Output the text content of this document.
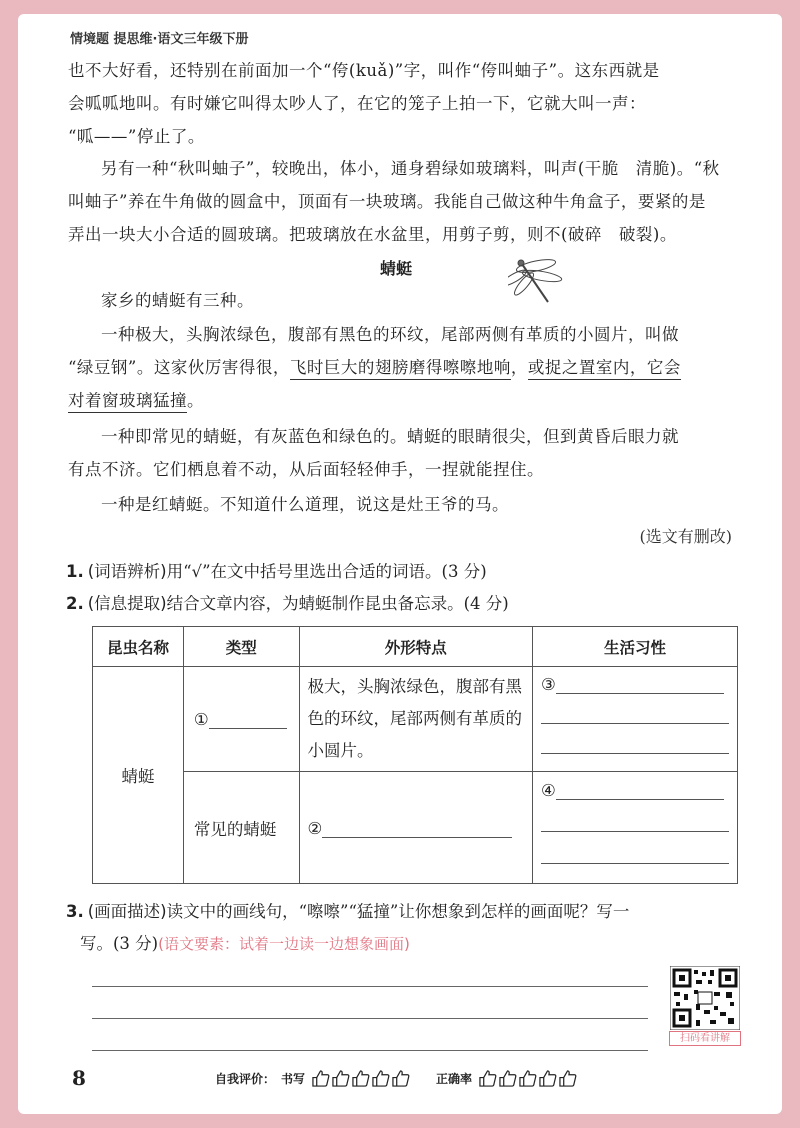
情境题 提思维·语文三年级下册
也不大好看，还特别在前面加一个“侉(kuǎ)”字，叫作“侉叫蚰子”。这东西就是
会呱呱地叫。有时嫌它叫得太吵人了，在它的笼子上拍一下，它就大叫一声：
“呱——”停止了。
另有一种“秋叫蚰子”，较晚出，体小，通身碧绿如玻璃料，叫声(干脆　清脆)。“秋
叫蚰子”养在牛角做的圆盒中，顶面有一块玻璃。我能自己做这种牛角盒子，要紧的是
弄出一块大小合适的圆玻璃。把玻璃放在水盆里，用剪子剪，则不(破碎　破裂)。
蜻蜓
家乡的蜻蜓有三种。
一种极大，头胸浓绿色，腹部有黑色的环纹，尾部两侧有革质的小圆片，叫做
“绿豆钢”。这家伙厉害得很，飞时巨大的翅膀磨得嚓嚓地响，或捉之置室内，它会
对着窗玻璃猛撞。
一种即常见的蜻蜓，有灰蓝色和绿色的。蜻蜓的眼睛很尖，但到黄昏后眼力就
有点不济。它们栖息着不动，从后面轻轻伸手，一捏就能捏住。
一种是红蜻蜓。不知道什么道理，说这是灶王爷的马。
(选文有删改)
1. (词语辨析)用“√”在文中括号里选出合适的词语。(3 分)
2. (信息提取)结合文章内容，为蜻蜓制作昆虫备忘录。(4 分)
昆虫名称	类型	外形特点	生活习性
蜻蜓	①	极大，头胸浓绿色，腹部有黑色的环纹，尾部两侧有革质的小圆片。	③

	常见的蜻蜓	②	④
3. (画面描述)读文中的画线句，“嚓嚓”“猛撞”让你想象到怎样的画面呢？写一
写。(3 分)(语文要素：试着一边读一边想象画面)
扫码看讲解
8	自我评价： 书写	正确率
